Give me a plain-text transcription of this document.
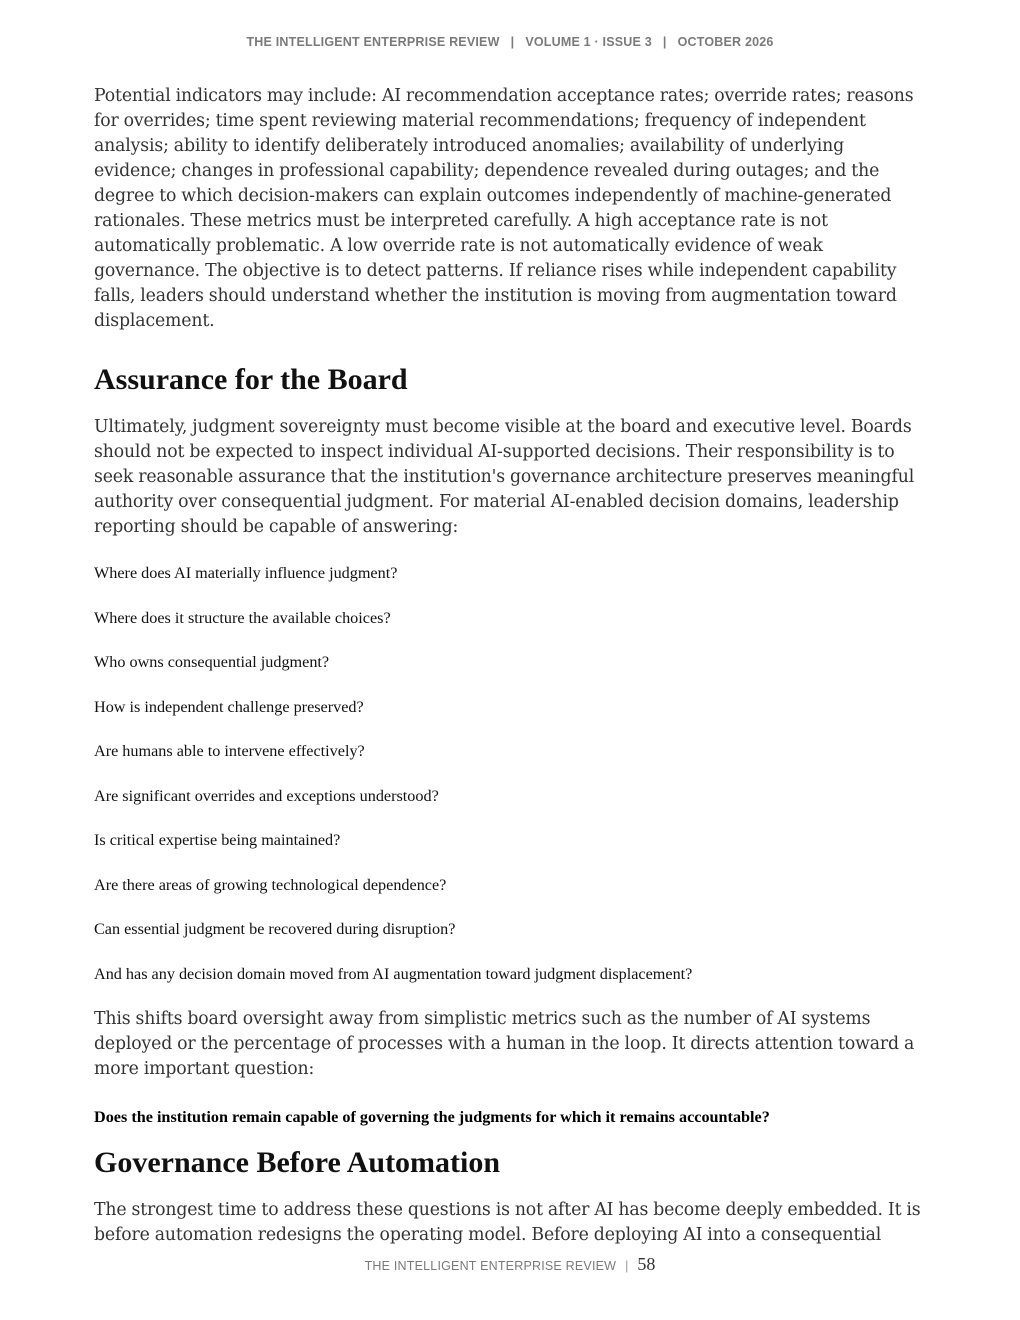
THE INTELLIGENT ENTERPRISE REVIEW   |   VOLUME 1 · ISSUE 3   |   OCTOBER 2026

Potential indicators may include: AI recommendation acceptance rates; override rates; reasons for overrides; time spent reviewing material recommendations; frequency of independent analysis; ability to identify deliberately introduced anomalies; availability of underlying evidence; changes in professional capability; dependence revealed during outages; and the degree to which decision-makers can explain outcomes independently of machine-generated rationales. These metrics must be interpreted carefully. A high acceptance rate is not automatically problematic. A low override rate is not automatically evidence of weak governance. The objective is to detect patterns. If reliance rises while independent capability falls, leaders should understand whether the institution is moving from augmentation toward displacement.

Assurance for the Board

Ultimately, judgment sovereignty must become visible at the board and executive level. Boards should not be expected to inspect individual AI-supported decisions. Their responsibility is to seek reasonable assurance that the institution's governance architecture preserves meaningful authority over consequential judgment. For material AI-enabled decision domains, leadership reporting should be capable of answering:

Where does AI materially influence judgment?
Where does it structure the available choices?
Who owns consequential judgment?
How is independent challenge preserved?
Are humans able to intervene effectively?
Are significant overrides and exceptions understood?
Is critical expertise being maintained?
Are there areas of growing technological dependence?
Can essential judgment be recovered during disruption?
And has any decision domain moved from AI augmentation toward judgment displacement?

This shifts board oversight away from simplistic metrics such as the number of AI systems deployed or the percentage of processes with a human in the loop. It directs attention toward a more important question:

Does the institution remain capable of governing the judgments for which it remains accountable?

Governance Before Automation

The strongest time to address these questions is not after AI has become deeply embedded. It is before automation redesigns the operating model. Before deploying AI into a consequential

THE INTELLIGENT ENTERPRISE REVIEW | 58
